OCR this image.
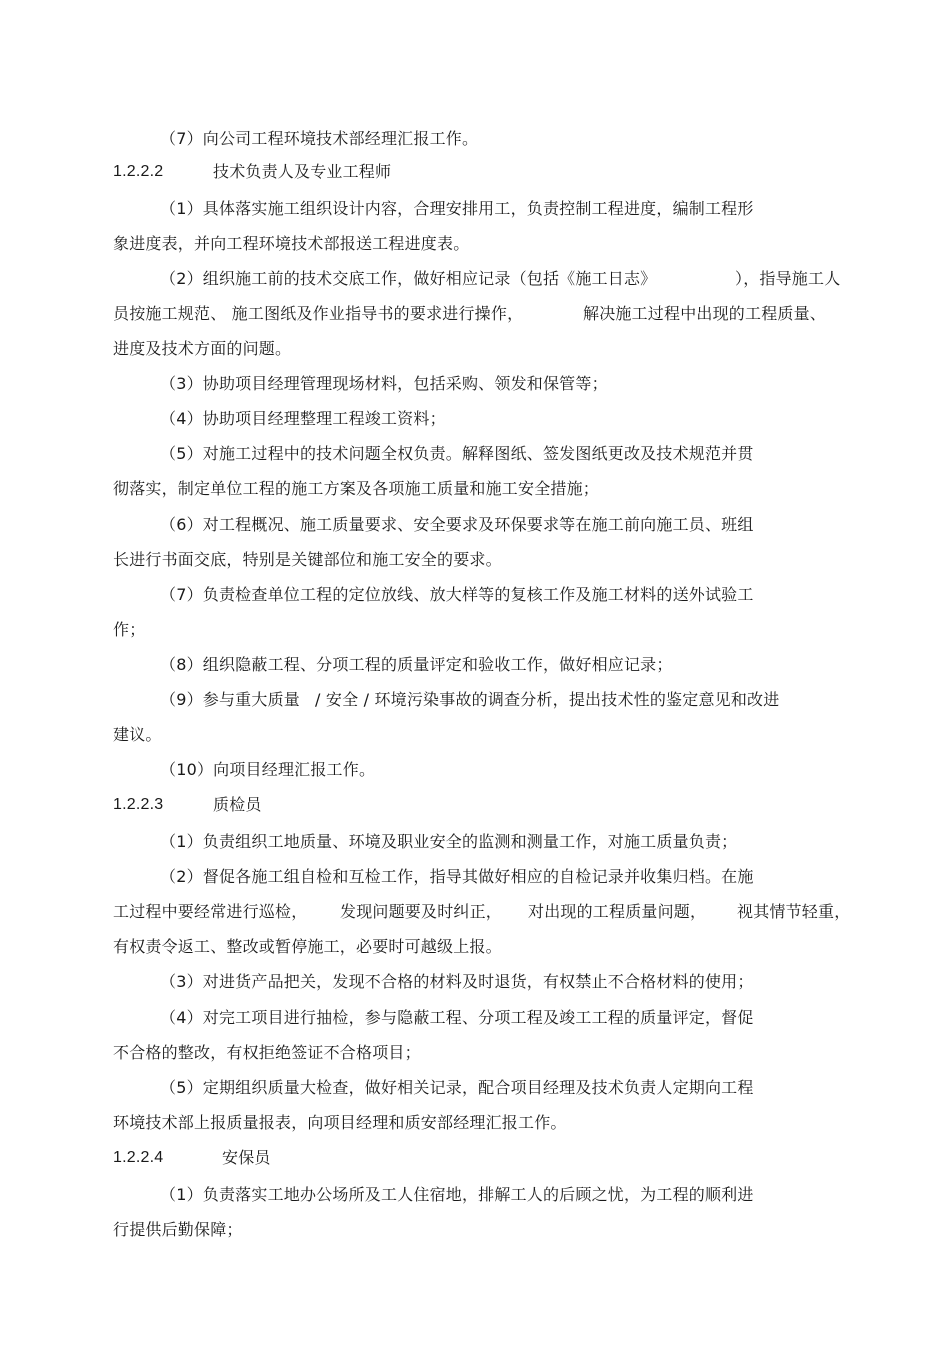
（7）向公司工程环境技术部经理汇报工作。

1.2.2.2	技术负责人及专业工程师

（1）具体落实施工组织设计内容，合理安排用工，负责控制工程进度，编制工程形

象进度表，并向工程环境技术部报送工程进度表。

（2）组织施工前的技术交底工作，做好相应记录（包括《施工日志》	），指导施工人

员按施工规范、 施工图纸及作业指导书的要求进行操作，	解决施工过程中出现的工程质量、

进度及技术方面的问题。

（3）协助项目经理管理现场材料，包括采购、领发和保管等；

（4）协助项目经理整理工程竣工资料；

（5）对施工过程中的技术问题全权负责。解释图纸、签发图纸更改及技术规范并贯

彻落实，制定单位工程的施工方案及各项施工质量和施工安全措施；

（6）对工程概况、施工质量要求、安全要求及环保要求等在施工前向施工员、班组

长进行书面交底，特别是关键部位和施工安全的要求。

（7）负责检查单位工程的定位放线、放大样等的复核工作及施工材料的送外试验工

作；

（8）组织隐蔽工程、分项工程的质量评定和验收工作，做好相应记录；

（9）参与重大质量 / 安全 / 环境污染事故的调查分析，提出技术性的鉴定意见和改进

建议。

（10）向项目经理汇报工作。

1.2.2.3	质检员

（1）负责组织工地质量、环境及职业安全的监测和测量工作，对施工质量负责；

（2）督促各施工组自检和互检工作，指导其做好相应的自检记录并收集归档。在施

工过程中要经常进行巡检， 发现问题要及时纠正， 对出现的工程质量问题， 视其情节轻重，

有权责令返工、整改或暂停施工，必要时可越级上报。

（3）对进货产品把关，发现不合格的材料及时退货，有权禁止不合格材料的使用；

（4）对完工项目进行抽检，参与隐蔽工程、分项工程及竣工工程的质量评定，督促

不合格的整改，有权拒绝签证不合格项目；

（5）定期组织质量大检查，做好相关记录，配合项目经理及技术负责人定期向工程

环境技术部上报质量报表，向项目经理和质安部经理汇报工作。

1.2.2.4	安保员

（1）负责落实工地办公场所及工人住宿地，排解工人的后顾之忧，为工程的顺利进

行提供后勤保障；
